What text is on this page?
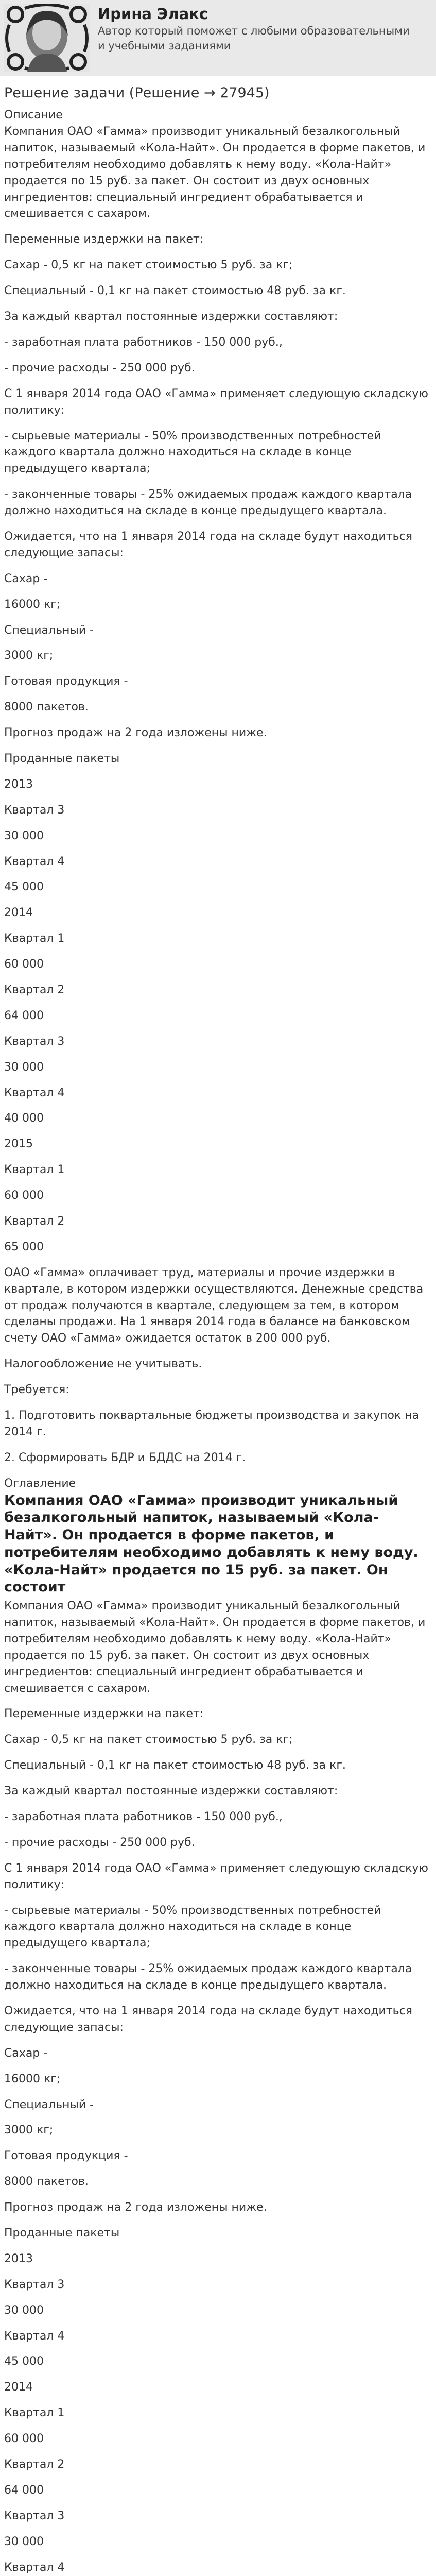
Ирина Элакс
Автор который поможет с любыми образовательными и учебными заданиями
Решение задачи (Решение → 27945)
Описание

Компания ОАО «Гамма» производит уникальный безалкогольный напиток, называемый «Кола-Найт». Он продается в форме пакетов, и потребителям необходимо добавлять к нему воду. «Кола-Найт» продается по 15 руб. за пакет. Он состоит из двух основных ингредиентов: специальный ингредиент обрабатывается и смешивается с сахаром.

Переменные издержки на пакет:

Сахар - 0,5 кг на пакет стоимостью 5 руб. за кг;

Специальный - 0,1 кг на пакет стоимостью 48 руб. за кг.

За каждый квартал постоянные издержки составляют:

- заработная плата работников - 150 000 руб.,

- прочие расходы - 250 000 руб.

С 1 января 2014 года ОАО «Гамма» применяет следующую складскую политику:

- сырьевые материалы - 50% производственных потребностей каждого квартала должно находиться на складе в конце предыдущего квартала;

- законченные товары - 25% ожидаемых продаж каждого квартала должно находиться на складе в конце предыдущего квартала.

Ожидается, что на 1 января 2014 года на складе будут находиться следующие запасы:

Сахар -

16000 кг;

Специальный -

3000 кг;

Готовая продукция -

8000 пакетов.

Прогноз продаж на 2 года изложены ниже.

Проданные пакеты

2013

Квартал 3

30 000

Квартал 4

45 000

2014

Квартал 1

60 000

Квартал 2

64 000

Квартал 3

30 000

Квартал 4

40 000

2015

Квартал 1

60 000

Квартал 2

65 000

ОАО «Гамма» оплачивает труд, материалы и прочие издержки в квартале, в котором издержки осуществляются. Денежные средства от продаж получаются в квартале, следующем за тем, в котором сделаны продажи. На 1 января 2014 года в балансе на банковском счету ОАО «Гамма» ожидается остаток в 200 000 руб.

Налогообложение не учитывать.

Требуется:

1. Подготовить поквартальные бюджеты производства и закупок на 2014 г.

2. Сформировать БДР и БДДС на 2014 г.

Оглавление
Компания ОАО «Гамма» производит уникальный безалкогольный напиток, называемый «Кола-Найт». Он продается в форме пакетов, и потребителям необходимо добавлять к нему воду. «Кола-Найт» продается по 15 руб. за пакет. Он состоит

Компания ОАО «Гамма» производит уникальный безалкогольный напиток, называемый «Кола-Найт». Он продается в форме пакетов, и потребителям необходимо добавлять к нему воду. «Кола-Найт» продается по 15 руб. за пакет. Он состоит из двух основных ингредиентов: специальный ингредиент обрабатывается и смешивается с сахаром.

Переменные издержки на пакет:

Сахар - 0,5 кг на пакет стоимостью 5 руб. за кг;

Специальный - 0,1 кг на пакет стоимостью 48 руб. за кг.

За каждый квартал постоянные издержки составляют:

- заработная плата работников - 150 000 руб.,

- прочие расходы - 250 000 руб.

С 1 января 2014 года ОАО «Гамма» применяет следующую складскую политику:

- сырьевые материалы - 50% производственных потребностей каждого квартала должно находиться на складе в конце предыдущего квартала;

- законченные товары - 25% ожидаемых продаж каждого квартала должно находиться на складе в конце предыдущего квартала.

Ожидается, что на 1 января 2014 года на складе будут находиться следующие запасы:

Сахар -

16000 кг;

Специальный -

3000 кг;

Готовая продукция -

8000 пакетов.

Прогноз продаж на 2 года изложены ниже.

Проданные пакеты

2013

Квартал 3

30 000

Квартал 4

45 000

2014

Квартал 1

60 000

Квартал 2

64 000

Квартал 3

30 000

Квартал 4
